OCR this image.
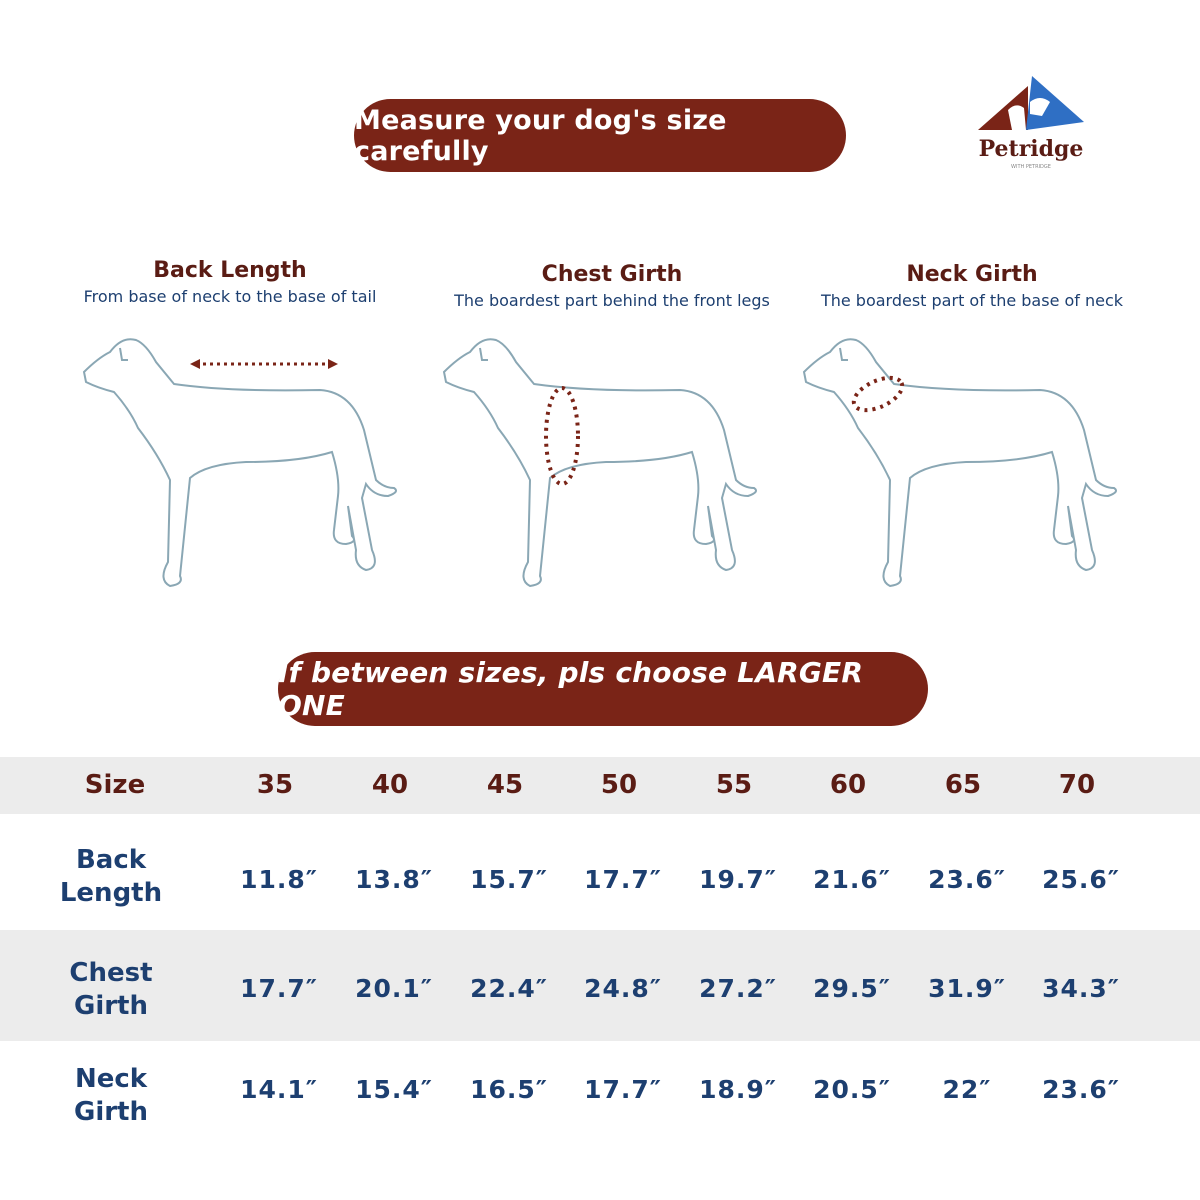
Measure your dog's size carefully	Petridge
WITH PETRIDGE
Back Length
From base of neck to the base of tail
Chest Girth
The boardest part behind the front legs
Neck Girth
The boardest part of the base of neck
If between sizes, pls choose LARGER ONE
Size	35	40	45	50	55	60	65	70
Back
Length	11.8″	13.8″	15.7″	17.7″	19.7″	21.6″	23.6″	25.6″
Chest
Girth
17.7″	20.1″	22.4″	24.8″	27.2″	29.5″	31.9″	34.3″
Neck
Girth
14.1″	15.4″	16.5″	17.7″	18.9″	20.5″	22″	23.6″
